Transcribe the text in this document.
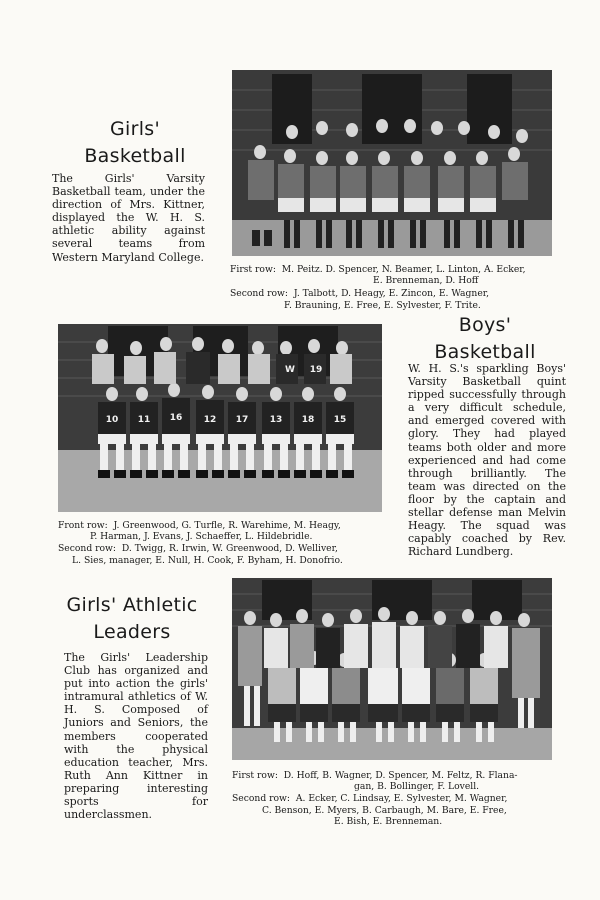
Girls'
Basketball

The Girls' Varsity Basketball team, under the direction of Mrs. Kittner, displayed the W. H. S. athletic ability against several teams from Western Maryland College.

First row: M. Peitz. D. Spencer, N. Beamer, L. Linton, A. Ecker,

E. Brenneman, D. Hoff

Second row: J. Talbott, D. Heagy, E. Zincon, E. Wagner,

F. Brauning, E. Free, E. Sylvester, F. Trite.

W 19
10 11 16 12 17 13 18 15
Boys'
Basketball

W. H. S.'s sparkling Boys' Varsity Basketball quint ripped successfully through a very difficult schedule, and emerged covered with glory. They had played teams both older and more experienced and had come through brilliantly. The team was directed on the floor by the captain and stellar defense man Melvin Heagy. The squad was capably coached by Rev. Richard Lundberg.

Front row: J. Greenwood, G. Turfle, R. Warehime, M. Heagy,

P. Harman, J. Evans, J. Schaeffer, L. Hildebridle.

Second row: D. Twigg, R. Irwin, W. Greenwood, D. Welliver,

L. Sies, manager, E. Null, H. Cook, F. Byham, H. Donofrio.

Girls' Athletic
Leaders

The Girls' Leadership Club has organized and put into action the girls' intramural athletics of W. H. S. Composed of Juniors and Seniors, the members cooperated with the physical education teacher, Mrs. Ruth Ann Kittner in preparing interesting sports for underclassmen.

First row: D. Hoff, B. Wagner, D. Spencer, M. Feltz, R. Flana-

gan, B. Bollinger, F. Lovell.

Second row: A. Ecker, C. Lindsay, E. Sylvester, M. Wagner,

C. Benson, E. Myers, B. Carbaugh, M. Bare, E. Free,

E. Bish, E. Brenneman.
